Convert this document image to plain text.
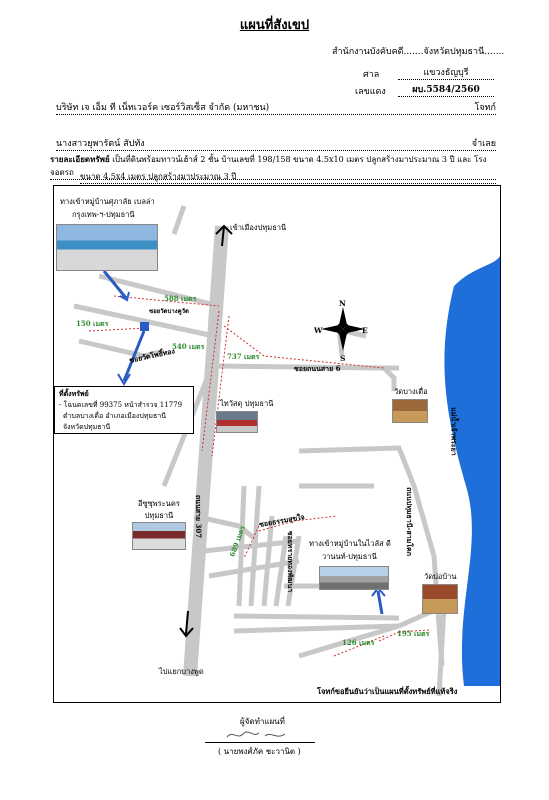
แผนที่สังเขป
สำนักงานบังคับคดี.......จังหวัดปทุมธานี.......
ศาล	แขวงธัญบุรี
เลขแดง	ผบ.5584/2560
บริษัท เจ เอ็ม ที เน็ทเวอร์ค เซอร์วิสเซ็ส จำกัด (มหาชน)	โจทก์
นางสาวยุพารัตน์ สัปทัง	จำเลย
รายละเอียดทรัพย์ เป็นที่ดินพร้อมทาวน์เฮ้าส์ 2 ชั้น บ้านเลขที่ 198/158 ขนาด 4.5x10 เมตร ปลูกสร้างมาประมาณ 3 ปี และ โรงจอดรถ ขนาด 4.5x4 เมตร ปลูกสร้างมาประมาณ 3 ปี
ทางเข้าหมู่บ้านศุภาลัย เบลล่า
กรุงเทพ-ฯ-ปทุมธานี
เข้าเมืองปทุมธานี
ไปแยกบางพูด
588 เมตร
150 เมตร
540 เมตร
737 เมตร
689 เมตร
126 เมตร
195 เมตร
ซอยวัดบางคูวัด
ซอยวัดโพธิ์ทอง
ซอยถนนสาย 6
ซอยธรรมสุขใจ
ซอยทรายทองพัฒนา
ถนนสาย 307	ถนนปทุมธานี-สามโคก
แม่น้ำเจ้าพระยา
N
S
E
W
วัดบางเดื่อ
ไทวัสดุ ปทุมธานี
อีซูซุพระนคร
ปทุมธานี
ทางเข้าหมู่บ้านในไวลัส ดี
วานนท์-ปทุมธานี
วัดบ่อบ้าน
ที่ตั้งทรัพย์
- โฉนดเลขที่ 99375 หน้าสำรวจ 11779
ตำบลบางเดื่อ อำเภอเมืองปทุมธานี
จังหวัดปทุมธานี
โจทก์ขอยืนยันว่าเป็นแผนที่ตั้งทรัพย์ที่แท้จริง
ผู้จัดทำแผนที่
( นายพงศ์ภัค ชะวานิต )
